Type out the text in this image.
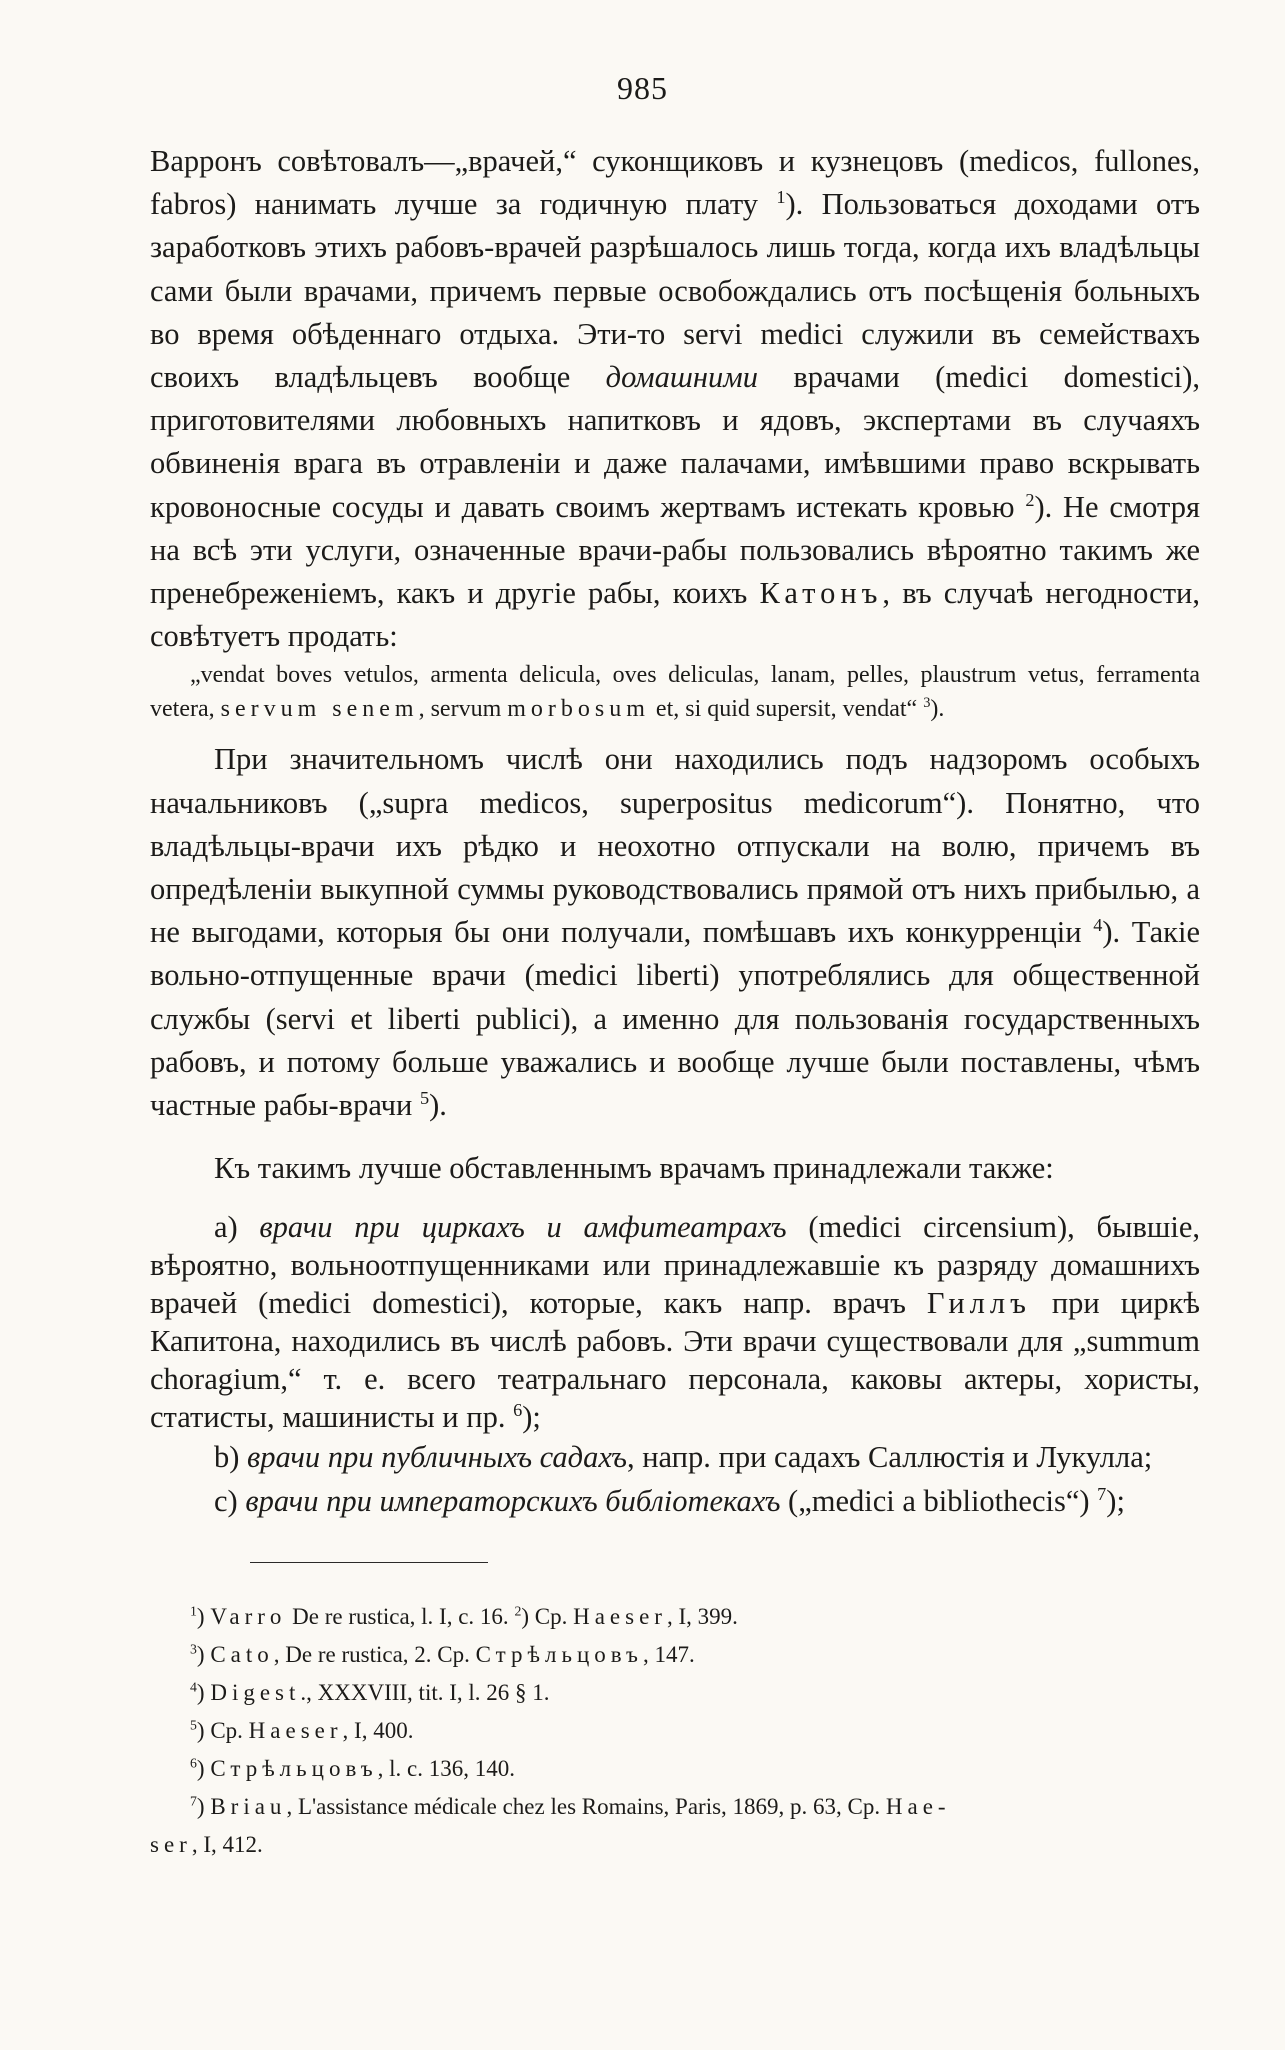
985

Варронъ совѣтовалъ—„врачей,“ суконщиковъ и кузнецовъ (medicos, fullones, fabros) нанимать лучше за годичную плату $^1$). Пользоваться доходами отъ заработковъ этихъ рабовъ-врачей разрѣшалось лишь тогда, когда ихъ владѣльцы сами были врачами, причемъ первые освобождались отъ посѣщенія больныхъ во время обѣденнаго отдыха. Эти-то servi medici служили въ семействахъ своихъ владѣльцевъ вообще домашними врачами (medici domestici), приготовителями любовныхъ напитковъ и ядовъ, экспертами въ случаяхъ обвиненія врага въ отравленіи и даже палачами, имѣвшими право вскрывать кровоносные сосуды и давать своимъ жертвамъ истекать кровью $^2$). Не смотря на всѣ эти услуги, означенные врачи-рабы пользовались вѣроятно такимъ же пренебреженіемъ, какъ и другіе рабы, коихъ Катонъ, въ случаѣ негодности, совѣтуетъ продать:

„vendat boves vetulos, armenta delicula, oves deliculas, lanam, pelles, plaustrum vetus, ferramenta vetera, servum senem, servum morbosum et, si quid supersit, vendat“ $^3$).

При значительномъ числѣ они находились подъ надзоромъ особыхъ начальниковъ („supra medicos, superpositus medicorum“). Понятно, что владѣльцы-врачи ихъ рѣдко и неохотно отпускали на волю, причемъ въ опредѣленіи выкупной суммы руководствовались прямой отъ нихъ прибылью, а не выгодами, которыя бы они получали, помѣшавъ ихъ конкурренціи $^4$). Такіе вольно-отпущенные врачи (medici liberti) употреблялись для общественной службы (servi et liberti publici), а именно для пользованія государственныхъ рабовъ, и потому больше уважались и вообще лучше были поставлены, чѣмъ частные рабы-врачи $^5$).

Къ такимъ лучше обставленнымъ врачамъ принадлежали также:

a) врачи при циркахъ и амфитеатрахъ (medici circensium), бывшіе, вѣроятно, вольноотпущенниками или принадлежавшіе къ разряду домашнихъ врачей (medici domestici), которые, какъ напр. врачъ Гиллъ при циркѣ Капитона, находились въ числѣ рабовъ. Эти врачи существовали для „summum choragium,“ т. е. всего театральнаго персонала, каковы актеры, хористы, статисты, машинисты и пр. $^6$);

b) врачи при публичныхъ садахъ, напр. при садахъ Саллюстія и Лукулла;

c) врачи при императорскихъ библіотекахъ („medici a bibliothecis“) $^7$);

$^1$) Varro De re rustica, l. I, c. 16. $^2$) Ср. Haeser, I, 399.

$^3$) Cato, De re rustica, 2. Ср. Стрѣльцовъ, 147.

$^4$) Digest., XXXVIII, tit. I, l. 26 § 1.

$^5$) Ср. Haeser, I, 400.

$^6$) Стрѣльцовъ, l. c. 136, 140.

$^7$) Briau, L'assistance médicale chez les Romains, Paris, 1869, p. 63, Ср. Hae-

ser, I, 412.
